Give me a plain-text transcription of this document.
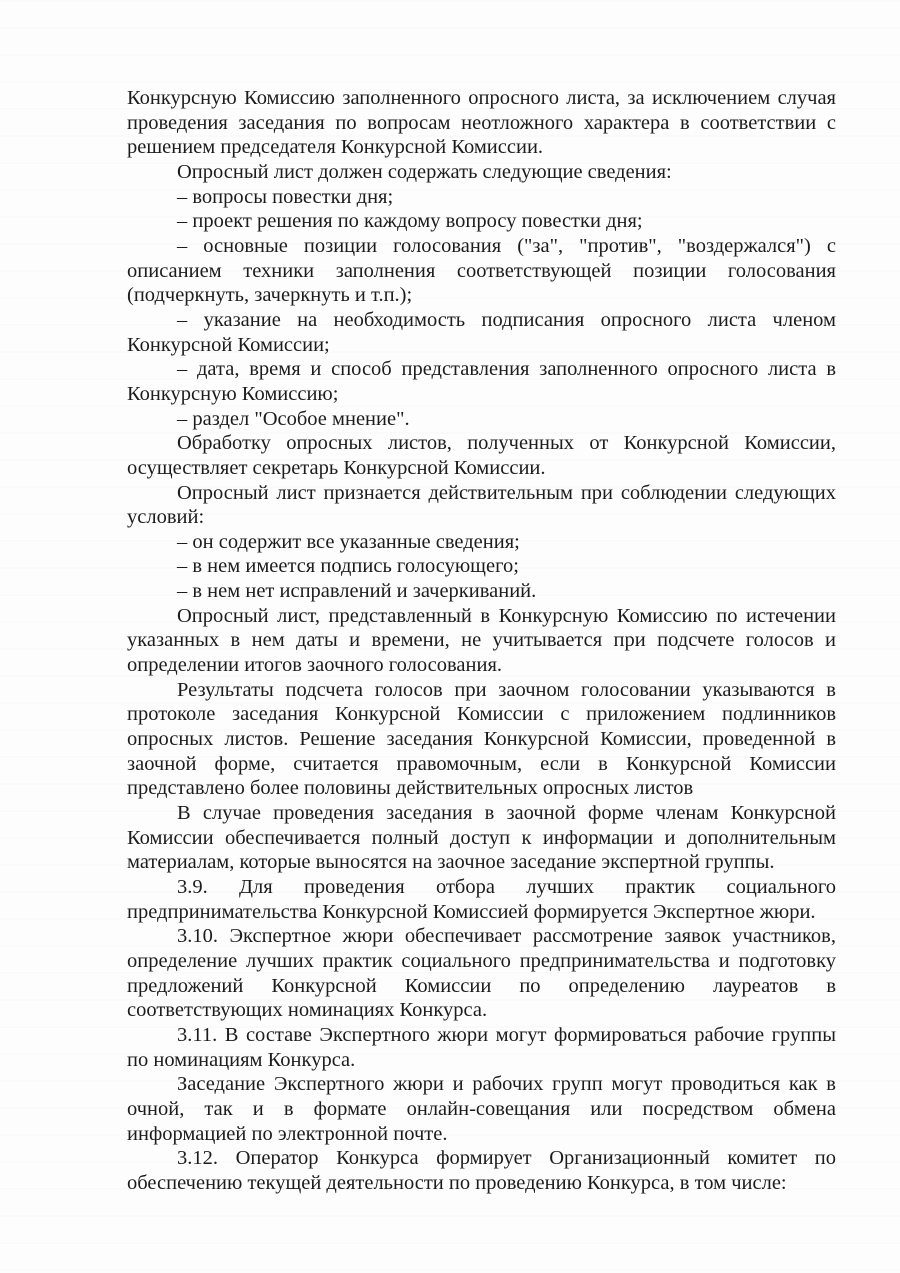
Конкурсную Комиссию заполненного опросного листа, за исключением случая проведения заседания по вопросам неотложного характера в соответствии с решением председателя Конкурсной Комиссии.

Опросный лист должен содержать следующие сведения:

– вопросы повестки дня;

– проект решения по каждому вопросу повестки дня;

– основные позиции голосования ("за", "против", "воздержался") с описанием техники заполнения соответствующей позиции голосования (подчеркнуть, зачеркнуть и т.п.);

– указание на необходимость подписания опросного листа членом Конкурсной Комиссии;

– дата, время и способ представления заполненного опросного листа в Конкурсную Комиссию;

– раздел "Особое мнение".

Обработку опросных листов, полученных от Конкурсной Комиссии, осуществляет секретарь Конкурсной Комиссии.

Опросный лист признается действительным при соблюдении следующих условий:

– он содержит все указанные сведения;

– в нем имеется подпись голосующего;

– в нем нет исправлений и зачеркиваний.

Опросный лист, представленный в Конкурсную Комиссию по истечении указанных в нем даты и времени, не учитывается при подсчете голосов и определении итогов заочного голосования.

Результаты подсчета голосов при заочном голосовании указываются в протоколе заседания Конкурсной Комиссии с приложением подлинников опросных листов. Решение заседания Конкурсной Комиссии, проведенной в заочной форме, считается правомочным, если в Конкурсной Комиссии представлено более половины действительных опросных листов

В случае проведения заседания в заочной форме членам Конкурсной Комиссии обеспечивается полный доступ к информации и дополнительным материалам, которые выносятся на заочное заседание экспертной группы.

3.9. Для проведения отбора лучших практик социального предпринимательства Конкурсной Комиссией формируется Экспертное жюри.

3.10. Экспертное жюри обеспечивает рассмотрение заявок участников, определение лучших практик социального предпринимательства и подготовку предложений Конкурсной Комиссии по определению лауреатов в соответствующих номинациях Конкурса.

3.11. В составе Экспертного жюри могут формироваться рабочие группы по номинациям Конкурса.

Заседание Экспертного жюри и рабочих групп могут проводиться как в очной, так и в формате онлайн-совещания или посредством обмена информацией по электронной почте.

3.12. Оператор Конкурса формирует Организационный комитет по обеспечению текущей деятельности по проведению Конкурса, в том числе:
